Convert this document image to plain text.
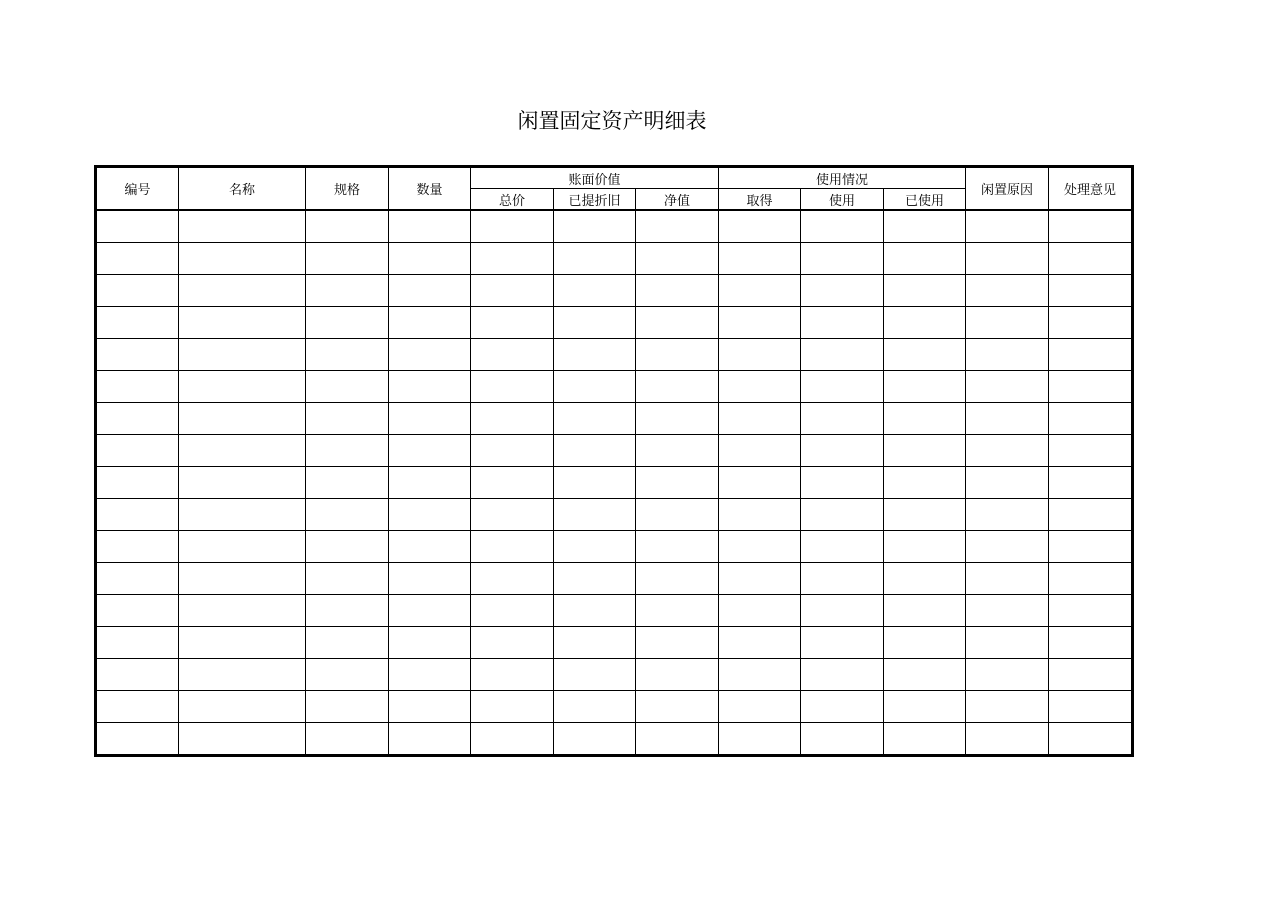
闲置固定资产明细表
编号	名称	规格	数量	账面价值			使用情况			闲置原因	处理意见
				总价	已提折旧	净值	取得	使用	已使用		
